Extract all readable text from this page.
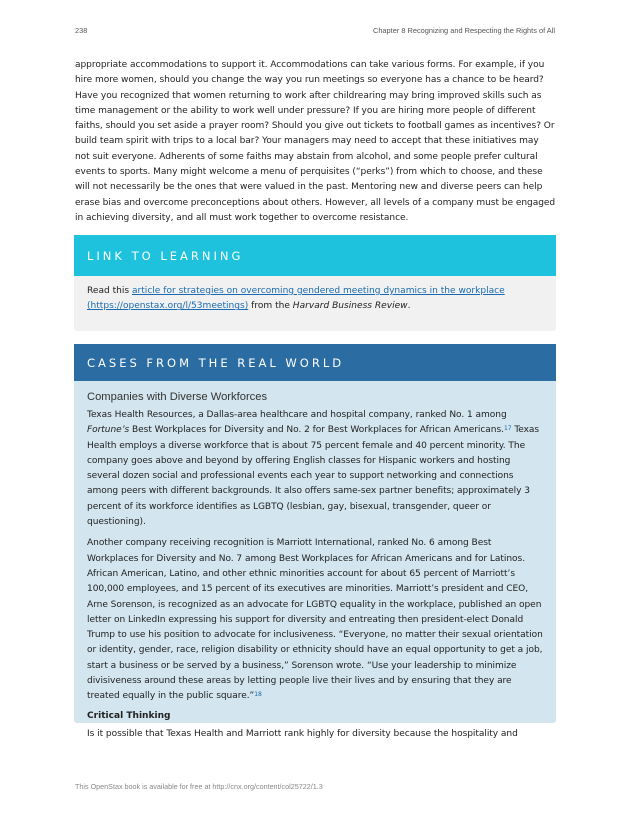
238	Chapter 8 Recognizing and Respecting the Rights of All

appropriate accommodations to support it. Accommodations can take various forms. For example, if you hire more women, should you change the way you run meetings so everyone has a chance to be heard? Have you recognized that women returning to work after childrearing may bring improved skills such as time management or the ability to work well under pressure? If you are hiring more people of different faiths, should you set aside a prayer room? Should you give out tickets to football games as incentives? Or build team spirit with trips to a local bar? Your managers may need to accept that these initiatives may not suit everyone. Adherents of some faiths may abstain from alcohol, and some people prefer cultural events to sports. Many might welcome a menu of perquisites (“perks”) from which to choose, and these will not necessarily be the ones that were valued in the past. Mentoring new and diverse peers can help erase bias and overcome preconceptions about others. However, all levels of a company must be engaged in achieving diversity, and all must work together to overcome resistance.

LINK TO LEARNING
Read this article for strategies on overcoming gendered meeting dynamics in the workplace (https://openstax.org/l/53meetings) from the Harvard Business Review.
CASES FROM THE REAL WORLD
Companies with Diverse Workforces

Texas Health Resources, a Dallas-area healthcare and hospital company, ranked No. 1 among Fortune’s Best Workplaces for Diversity and No. 2 for Best Workplaces for African Americans.$^{17}$ Texas Health employs a diverse workforce that is about 75 percent female and 40 percent minority. The company goes above and beyond by offering English classes for Hispanic workers and hosting several dozen social and professional events each year to support networking and connections among peers with different backgrounds. It also offers same-sex partner benefits; approximately 3 percent of its workforce identifies as LGBTQ (lesbian, gay, bisexual, transgender, queer or questioning).

Another company receiving recognition is Marriott International, ranked No. 6 among Best Workplaces for Diversity and No. 7 among Best Workplaces for African Americans and for Latinos. African American, Latino, and other ethnic minorities account for about 65 percent of Marriott’s 100,000 employees, and 15 percent of its executives are minorities. Marriott’s president and CEO, Arne Sorenson, is recognized as an advocate for LGBTQ equality in the workplace, published an open letter on LinkedIn expressing his support for diversity and entreating then president-elect Donald Trump to use his position to advocate for inclusiveness. “Everyone, no matter their sexual orientation or identity, gender, race, religion disability or ethnicity should have an equal opportunity to get a job, start a business or be served by a business,” Sorenson wrote. “Use your leadership to minimize divisiveness around these areas by letting people live their lives and by ensuring that they are treated equally in the public square.”$^{18}$

Critical Thinking

Is it possible that Texas Health and Marriott rank highly for diversity because the hospitality and

This OpenStax book is available for free at http://cnx.org/content/col25722/1.3
